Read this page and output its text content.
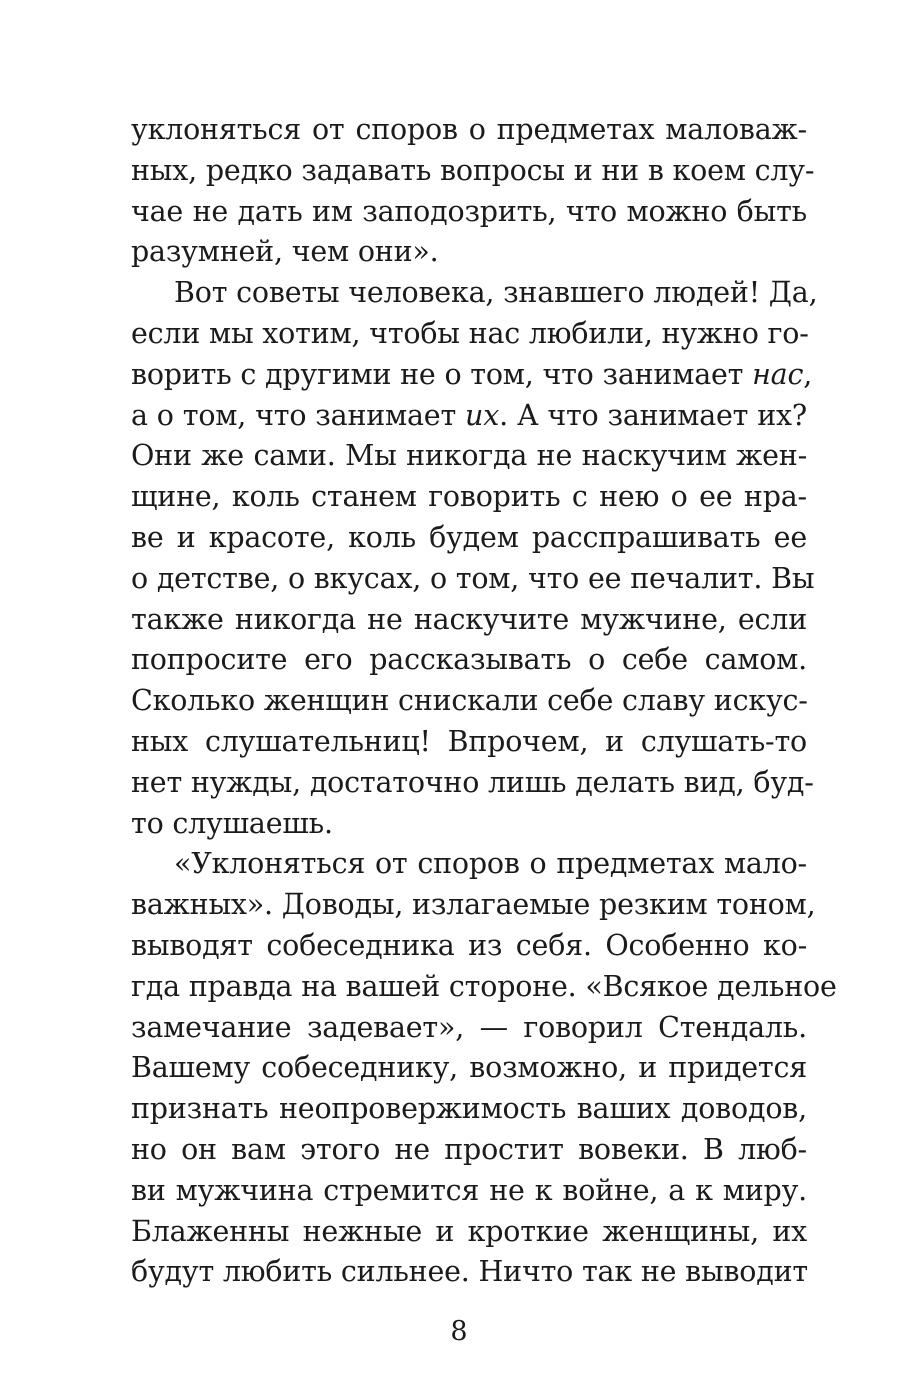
уклоняться от споров о предметах маловаж-
ных, редко задавать вопросы и ни в коем слу-
чае не дать им заподозрить, что можно быть
разумней, чем они».
Вот советы человека, знавшего людей! Да,
если мы хотим, чтобы нас любили, нужно го-
ворить с другими не о том, что занимает нас,
а о том, что занимает их. А что занимает их?
Они же сами. Мы никогда не наскучим жен-
щине, коль станем говорить с нею о ее нра-
ве и красоте, коль будем расспрашивать ее
о детстве, о вкусах, о том, что ее печалит. Вы
также никогда не наскучите мужчине, если
попросите его рассказывать о себе самом.
Сколько женщин снискали себе славу искус-
ных слушательниц! Впрочем, и слушать-то
нет нужды, достаточно лишь делать вид, буд-
то слушаешь.
«Уклоняться от споров о предметах мало-
важных». Доводы, излагаемые резким тоном,
выводят собеседника из себя. Особенно ко-
гда правда на вашей стороне. «Всякое дельное
замечание задевает», — говорил Стендаль.
Вашему собеседнику, возможно, и придется
признать неопровержимость ваших доводов,
но он вам этого не простит вовеки. В люб-
ви мужчина стремится не к войне, а к миру.
Блаженны нежные и кроткие женщины, их
будут любить сильнее. Ничто так не выводит
8
